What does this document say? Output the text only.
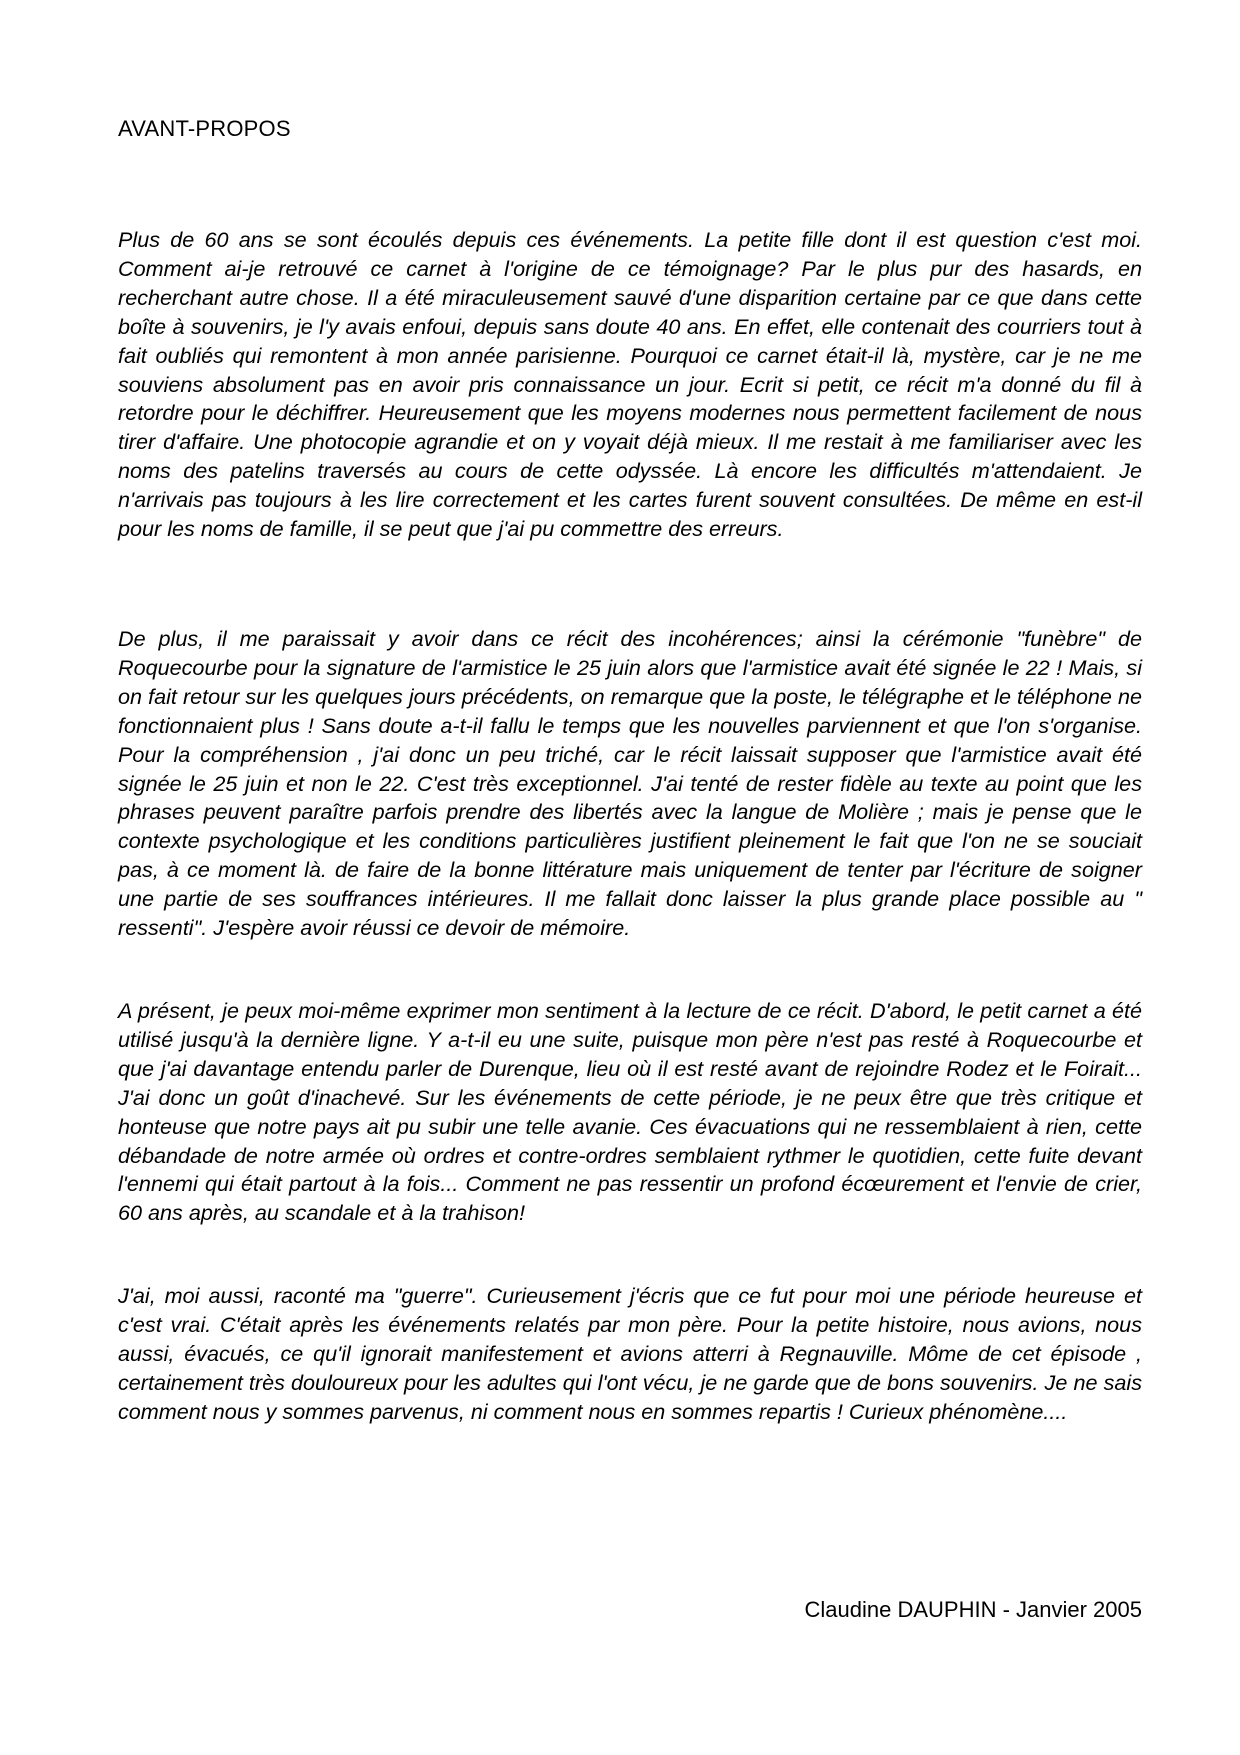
AVANT-PROPOS

Plus de 60 ans se sont écoulés depuis ces événements. La petite fille dont il est question c'est moi. Comment ai-je retrouvé ce carnet à l'origine de ce témoignage? Par le plus pur des hasards, en recherchant autre chose. Il a été miraculeusement sauvé d'une disparition certaine par ce que dans cette boîte à souvenirs, je l'y avais enfoui, depuis sans doute 40 ans. En effet, elle contenait des courriers tout à fait oubliés qui remontent à mon année parisienne. Pourquoi ce carnet était-il là, mystère, car je ne me souviens absolument pas en avoir pris connaissance un jour. Ecrit si petit, ce récit m'a donné du fil à retordre pour le déchiffrer. Heureusement que les moyens modernes nous permettent facilement de nous tirer d'affaire. Une photocopie agrandie et on y voyait déjà mieux. Il me restait à me familiariser avec les noms des patelins traversés au cours de cette odyssée. Là encore les difficultés m'attendaient. Je n'arrivais pas toujours à les lire correctement et les cartes furent souvent consultées. De même en est-il pour les noms de famille, il se peut que j'ai pu commettre des erreurs.

De plus, il me paraissait y avoir dans ce récit des incohérences; ainsi la cérémonie "funèbre" de Roquecourbe pour la signature de l'armistice le 25 juin alors que l'armistice avait été signée le 22 ! Mais, si on fait retour sur les quelques jours précédents, on remarque que la poste, le télégraphe et le téléphone ne fonctionnaient plus ! Sans doute a-t-il fallu le temps que les nouvelles parviennent et que l'on s'organise. Pour la compréhension , j'ai donc un peu triché, car le récit laissait supposer que l'armistice avait été signée le 25 juin et non le 22. C'est très exceptionnel. J'ai tenté de rester fidèle au texte au point que les phrases peuvent paraître parfois prendre des libertés avec la langue de Molière ; mais je pense que le contexte psychologique et les conditions particulières justifient pleinement le fait que l'on ne se souciait pas, à ce moment là. de faire de la bonne littérature mais uniquement de tenter par l'écriture de soigner une partie de ses souffrances intérieures. Il me fallait donc laisser la plus grande place possible au " ressenti". J'espère avoir réussi ce devoir de mémoire.

A présent, je peux moi-même exprimer mon sentiment à la lecture de ce récit. D'abord, le petit carnet a été utilisé jusqu'à la dernière ligne. Y a-t-il eu une suite, puisque mon père n'est pas resté à Roquecourbe et que j'ai davantage entendu parler de Durenque, lieu où il est resté avant de rejoindre Rodez et le Foirait... J'ai donc un goût d'inachevé. Sur les événements de cette période, je ne peux être que très critique et honteuse que notre pays ait pu subir une telle avanie. Ces évacuations qui ne ressemblaient à rien, cette débandade de notre armée où ordres et contre-ordres semblaient rythmer le quotidien, cette fuite devant l'ennemi qui était partout à la fois... Comment ne pas ressentir un profond écœurement et l'envie de crier, 60 ans après, au scandale et à la trahison!

J'ai, moi aussi, raconté ma "guerre". Curieusement j'écris que ce fut pour moi une période heureuse et c'est vrai. C'était après les événements relatés par mon père. Pour la petite histoire, nous avions, nous aussi, évacués, ce qu'il ignorait manifestement et avions atterri à Regnauville. Môme de cet épisode , certainement très douloureux pour les adultes qui l'ont vécu, je ne garde que de bons souvenirs. Je ne sais comment nous y sommes parvenus, ni comment nous en sommes repartis ! Curieux phénomène....

Claudine DAUPHIN - Janvier 2005
